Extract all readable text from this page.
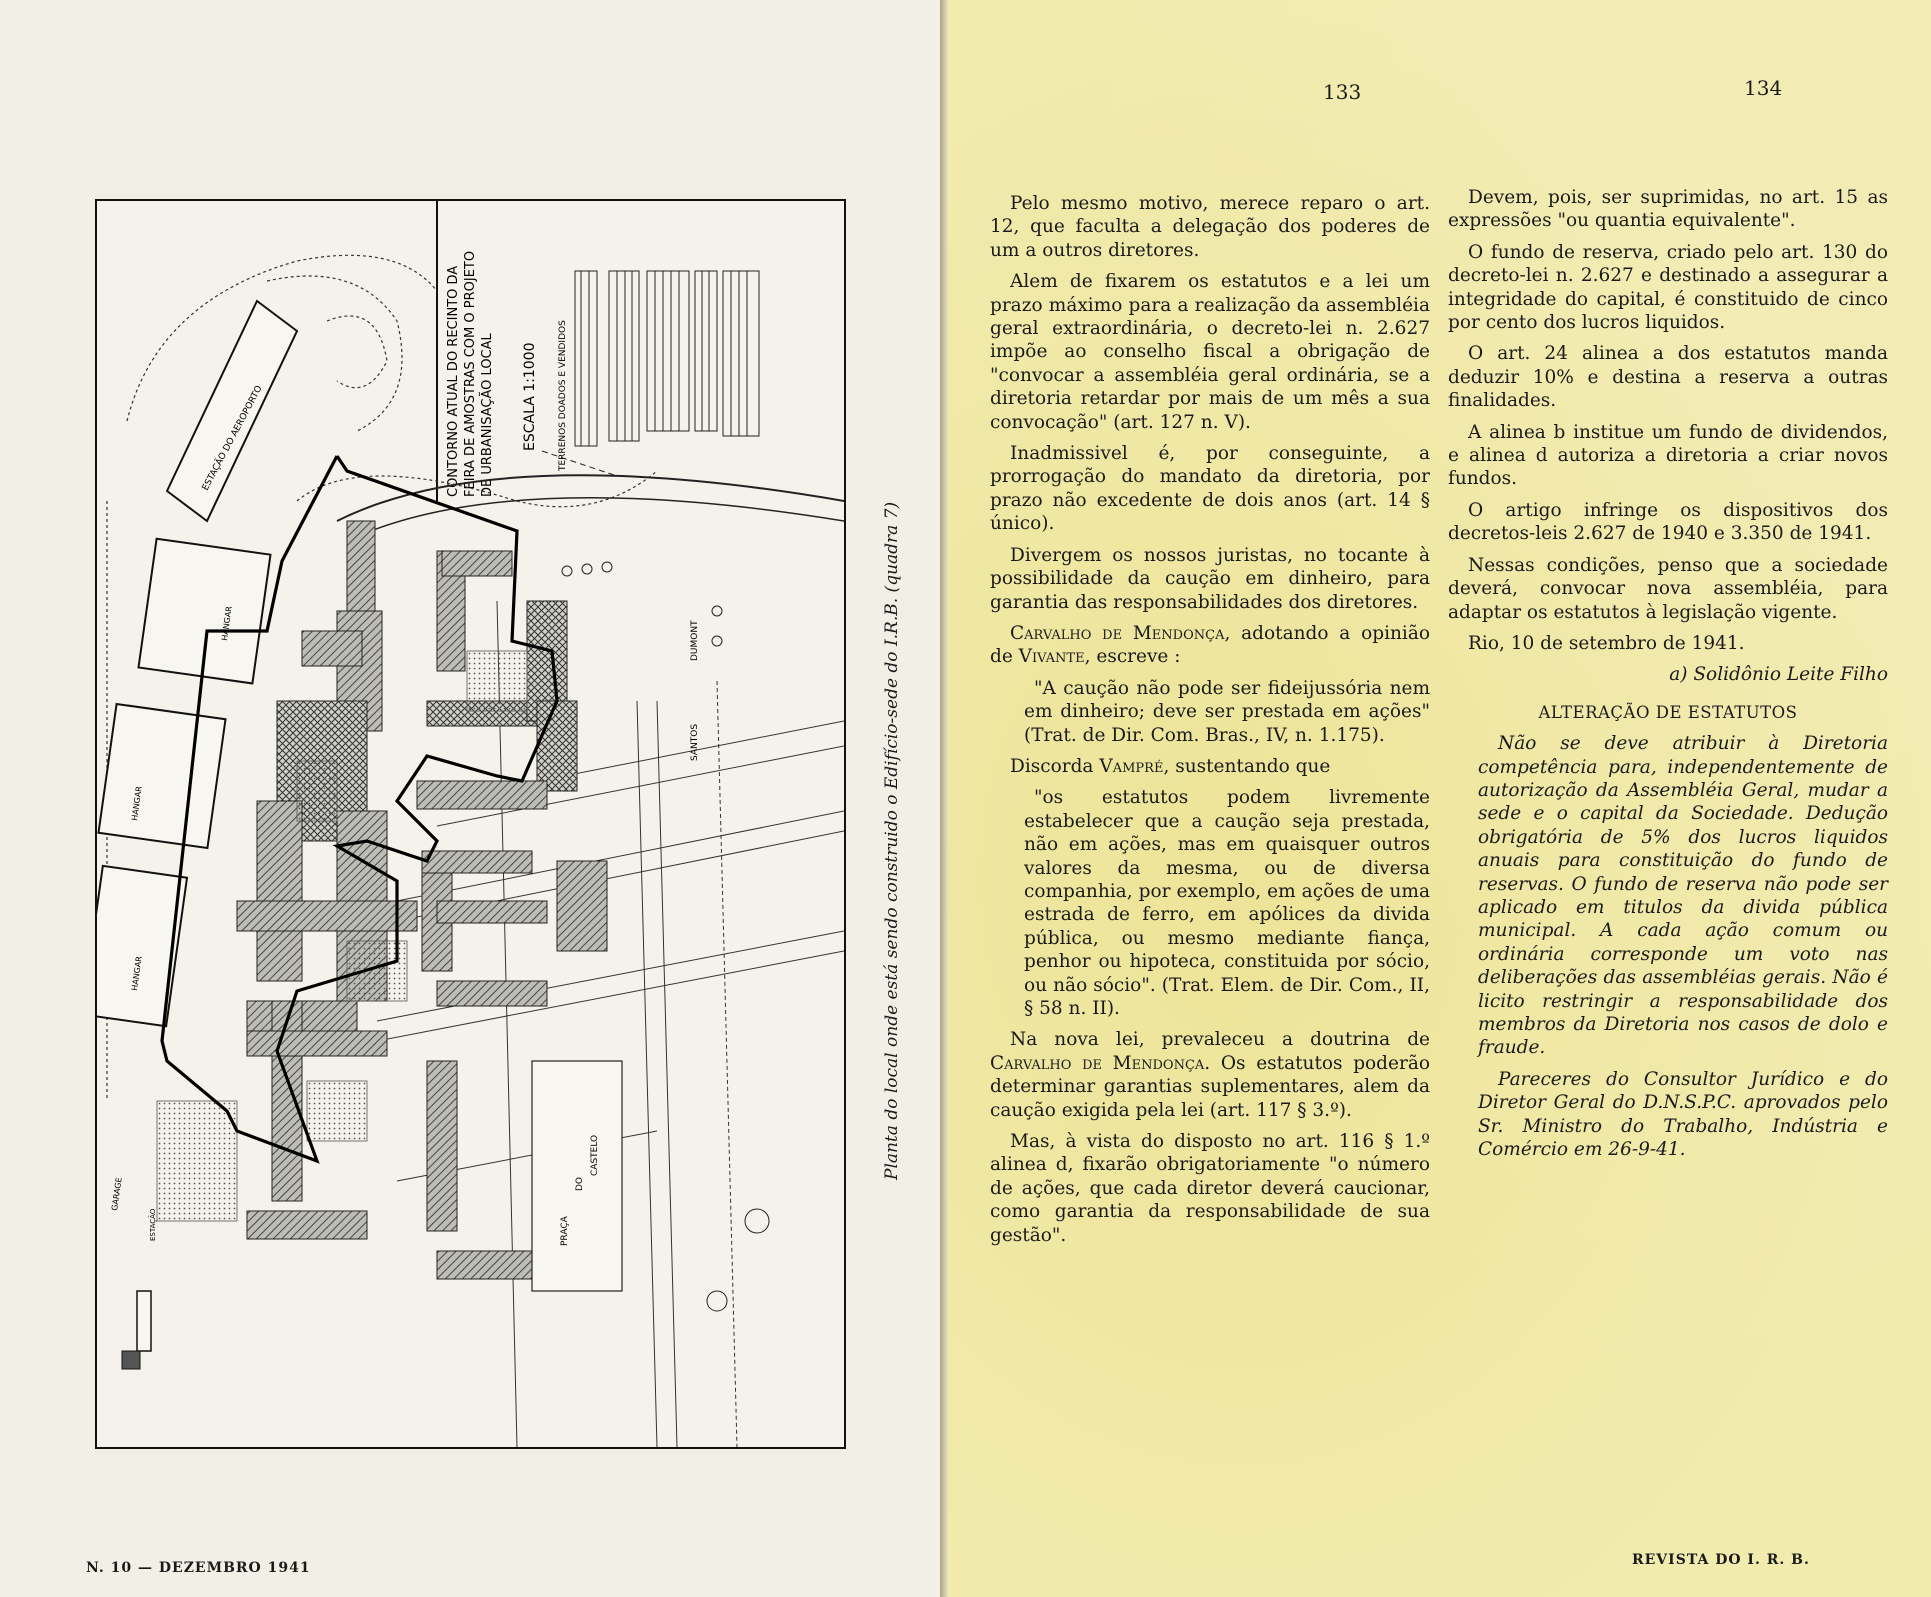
CONTORNO ATUAL DO RECINTO DA FEIRA DE AMOSTRAS COM O PROJETO DE URBANISAÇÃO LOCAL ESCALA 1:1000 TERRENOS DOADOS E VENDIDOS
ESTAÇÃO DO AEROPORTO
HANGAR
HANGAR
HANGAR
GARAGE
PRAÇA
DO
CASTELO
SANTOS
DUMONT
ESTAÇÃO
Planta do local onde está sendo construido o Edifício-sede do I.R.B. (quadra 7)
N. 10 — DEZEMBRO 1941
133	134

Pelo mesmo motivo, merece reparo o art. 12, que faculta a delegação dos poderes de um a outros diretores.

Alem de fixarem os estatutos e a lei um prazo máximo para a realização da assembléia geral extraordinária, o decreto-lei n. 2.627 impõe ao conselho fiscal a obrigação de "convocar a assembléia geral ordinária, se a diretoria retardar por mais de um mês a sua convocação" (art. 127 n. V).

Inadmissivel é, por conseguinte, a prorrogação do mandato da diretoria, por prazo não excedente de dois anos (art. 14 § único).

Divergem os nossos juristas, no tocante à possibilidade da caução em dinheiro, para garantia das responsabilidades dos diretores.

Carvalho de Mendonça, adotando a opinião de Vivante, escreve :

"A caução não pode ser fideijussória nem em dinheiro; deve ser prestada em ações" (Trat. de Dir. Com. Bras., IV, n. 1.175).

Discorda Vampré, sustentando que

"os estatutos podem livremente estabelecer que a caução seja prestada, não em ações, mas em quaisquer outros valores da mesma, ou de diversa companhia, por exemplo, em ações de uma estrada de ferro, em apólices da divida pública, ou mesmo mediante fiança, penhor ou hipoteca, constituida por sócio, ou não sócio". (Trat. Elem. de Dir. Com., II, § 58 n. II).

Na nova lei, prevaleceu a doutrina de Carvalho de Mendonça. Os estatutos poderão determinar garantias suplementares, alem da caução exigida pela lei (art. 117 § 3.º).

Mas, à vista do disposto no art. 116 § 1.º alinea d, fixarão obrigatoriamente "o número de ações, que cada diretor deverá caucionar, como garantia da responsabilidade de sua gestão".

Devem, pois, ser suprimidas, no art. 15 as expressões "ou quantia equivalente".

O fundo de reserva, criado pelo art. 130 do decreto-lei n. 2.627 e destinado a assegurar a integridade do capital, é constituido de cinco por cento dos lucros liquidos.

O art. 24 alinea a dos estatutos manda deduzir 10% e destina a reserva a outras finalidades.

A alinea b institue um fundo de dividendos, e alinea d autoriza a diretoria a criar novos fundos.

O artigo infringe os dispositivos dos decretos-leis 2.627 de 1940 e 3.350 de 1941.

Nessas condições, penso que a sociedade deverá, convocar nova assembléia, para adaptar os estatutos à legislação vigente.

Rio, 10 de setembro de 1941.

a) Solidônio Leite Filho

ALTERAÇÃO DE ESTATUTOS

Não se deve atribuir à Diretoria competência para, independentemente de autorização da Assembléia Geral, mudar a sede e o capital da Sociedade. Dedução obrigatória de 5% dos lucros liquidos anuais para constituição do fundo de reservas. O fundo de reserva não pode ser aplicado em titulos da divida pública municipal. A cada ação comum ou ordinária corresponde um voto nas deliberações das assembléias gerais. Não é licito restringir a responsabilidade dos membros da Diretoria nos casos de dolo e fraude.

Pareceres do Consultor Jurídico e do Diretor Geral do D.N.S.P.C. aprovados pelo Sr. Ministro do Trabalho, Indústria e Comércio em 26-9-41.

REVISTA DO I. R. B.
